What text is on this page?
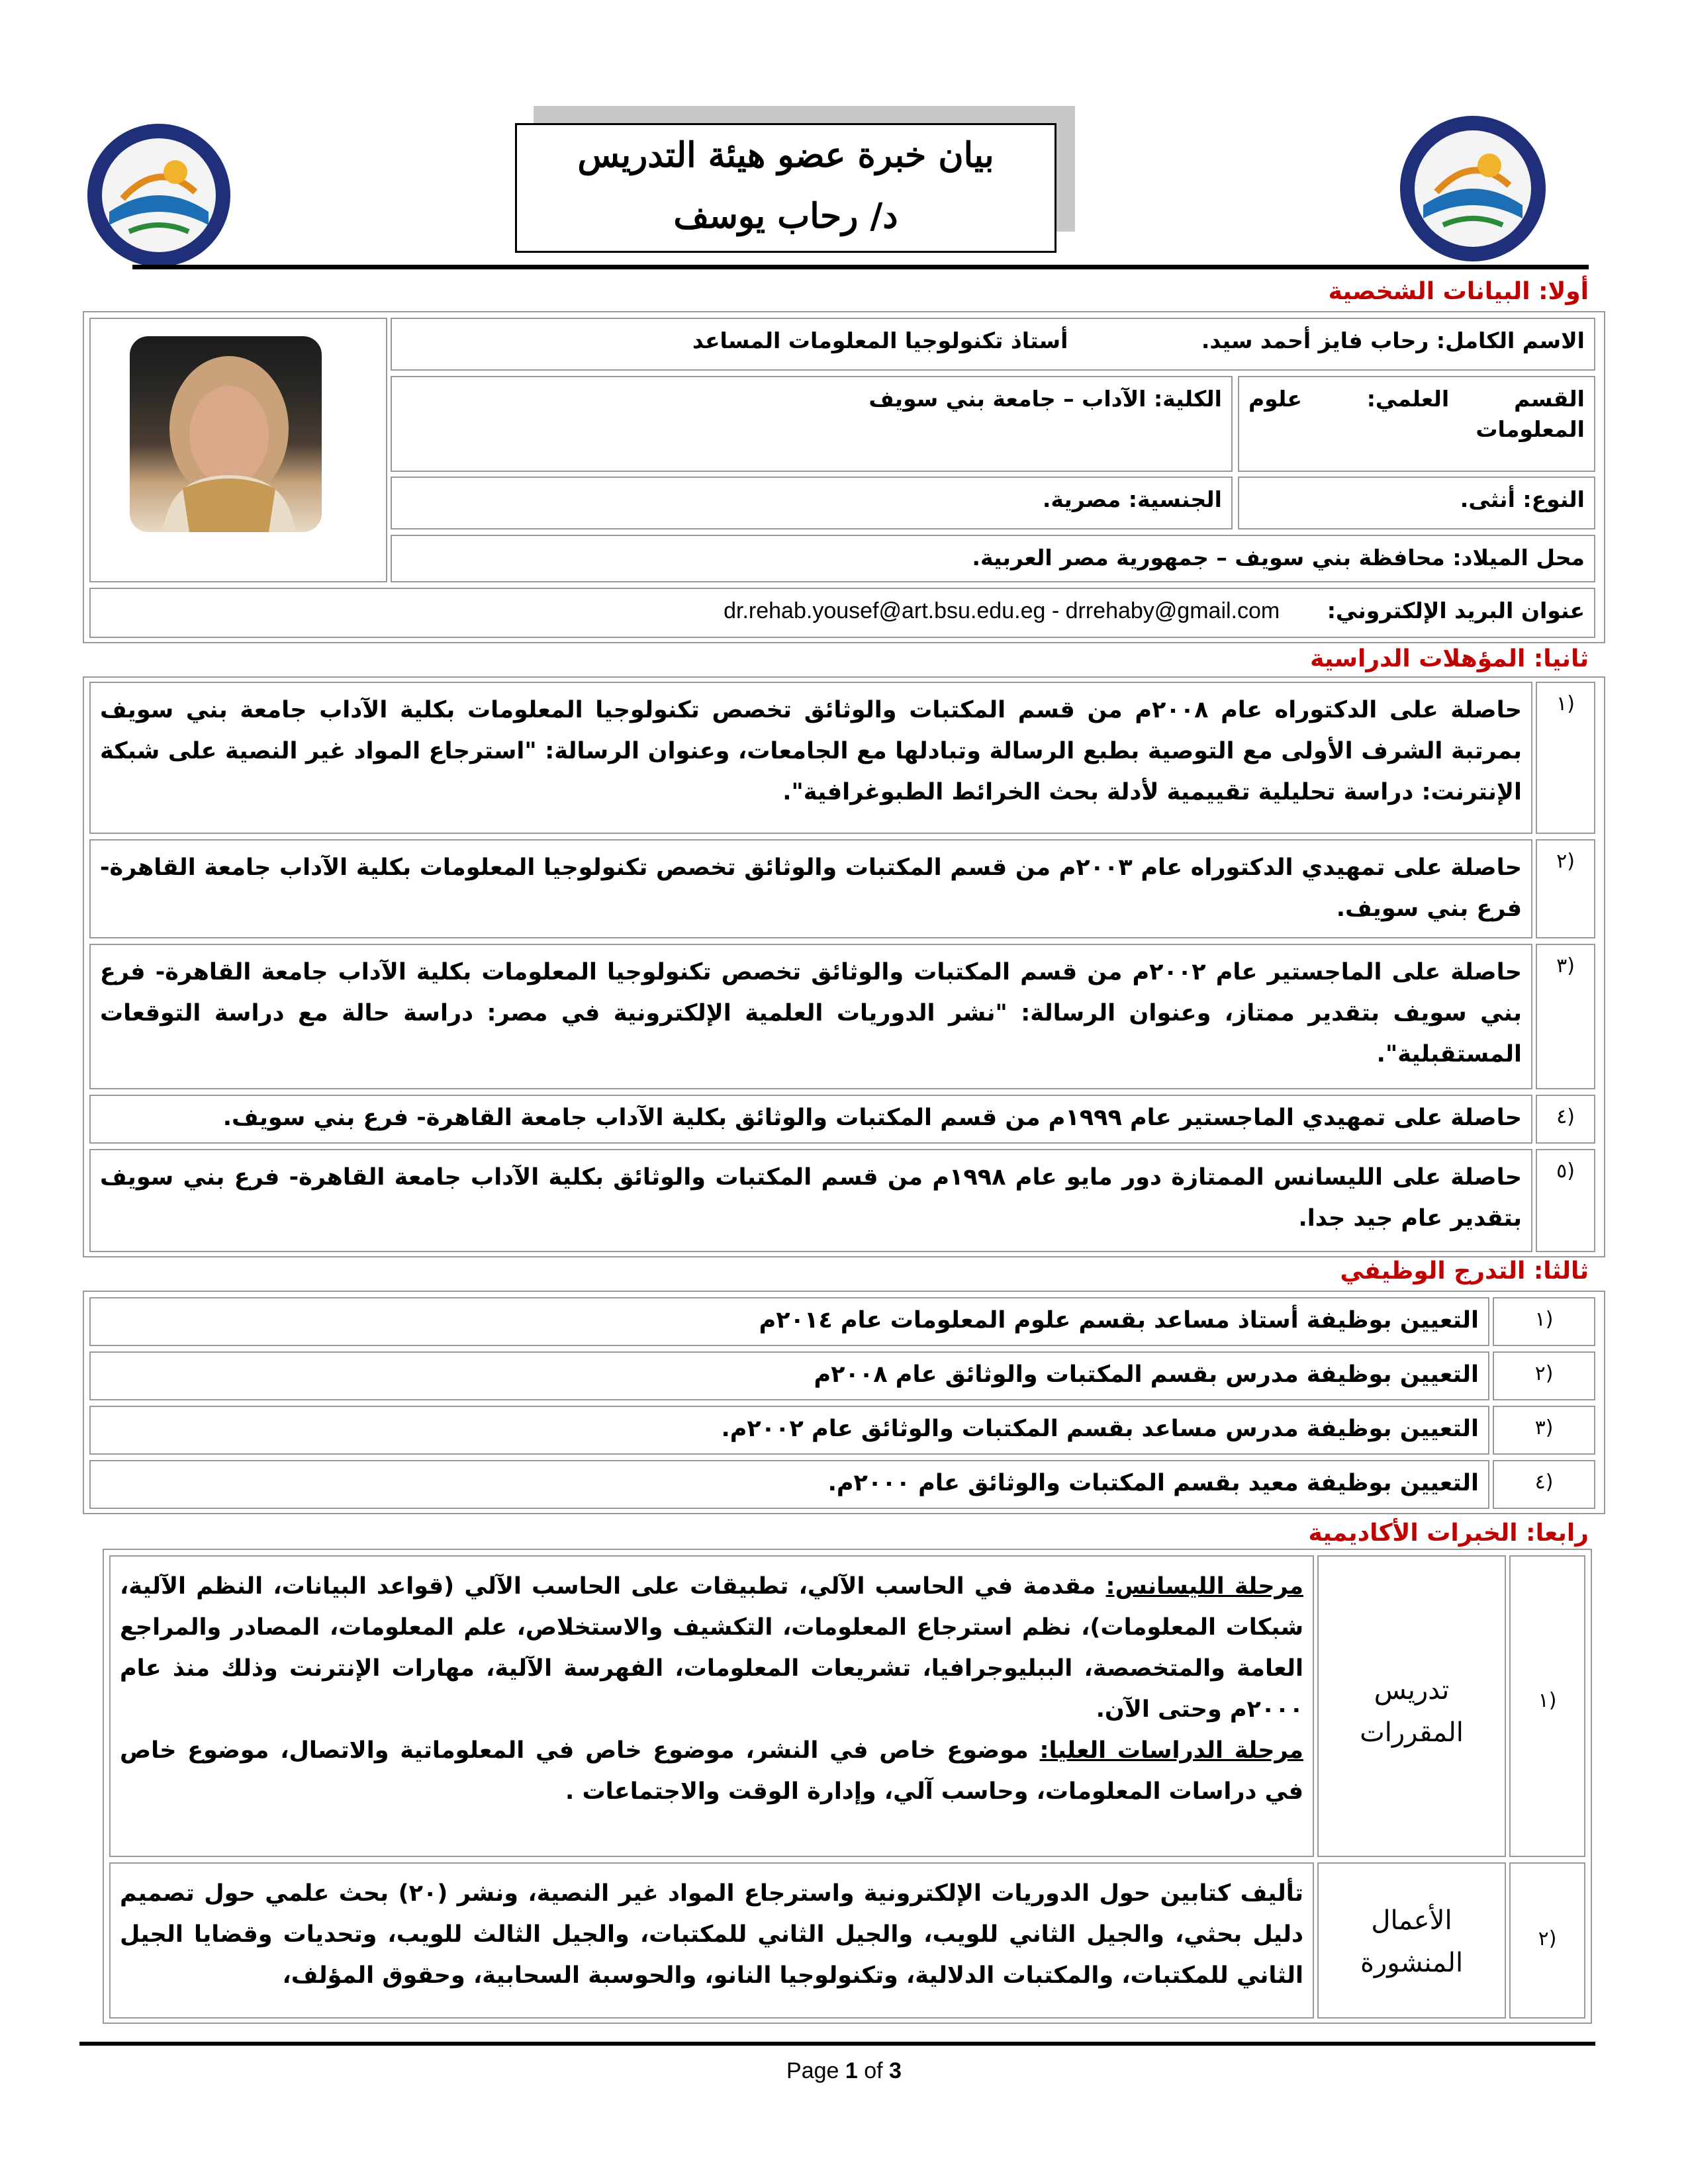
بيان خبرة عضو هيئة التدريس
د/ رحاب يوسف
أولا: البيانات الشخصية
الاسم الكامل: رحاب فايز أحمد سيد. أستاذ تكنولوجيا المعلومات المساعد
القسم العلمي: علوم المعلومات
الكلية: الآداب – جامعة بني سويف
النوع: أنثى.
الجنسية: مصرية.
محل الميلاد: محافظة بني سويف – جمهورية مصر العربية.
عنوان البريد الإلكتروني: dr.rehab.yousef@art.bsu.edu.eg - drrehaby@gmail.com
ثانيا: المؤهلات الدراسية
١)
حاصلة على الدكتوراه عام ٢٠٠٨م من قسم المكتبات والوثائق تخصص تكنولوجيا المعلومات بكلية الآداب جامعة بني سويف بمرتبة الشرف الأولى مع التوصية بطبع الرسالة وتبادلها مع الجامعات، وعنوان الرسالة: "استرجاع المواد غير النصية على شبكة الإنترنت: دراسة تحليلية تقييمية لأدلة بحث الخرائط الطبوغرافية".
٢)
حاصلة على تمهيدي الدكتوراه عام ٢٠٠٣م من قسم المكتبات والوثائق تخصص تكنولوجيا المعلومات بكلية الآداب جامعة القاهرة- فرع بني سويف.
٣)
حاصلة على الماجستير عام ٢٠٠٢م من قسم المكتبات والوثائق تخصص تكنولوجيا المعلومات بكلية الآداب جامعة القاهرة- فرع بني سويف بتقدير ممتاز، وعنوان الرسالة: "نشر الدوريات العلمية الإلكترونية في مصر: دراسة حالة مع دراسة التوقعات المستقبلية".
٤)
حاصلة على تمهيدي الماجستير عام ١٩٩٩م من قسم المكتبات والوثائق بكلية الآداب جامعة القاهرة- فرع بني سويف.
٥)
حاصلة على الليسانس الممتازة دور مايو عام ١٩٩٨م من قسم المكتبات والوثائق بكلية الآداب جامعة القاهرة- فرع بني سويف بتقدير عام جيد جدا.
ثالثا: التدرج الوظيفي
١)
التعيين بوظيفة أستاذ مساعد بقسم علوم المعلومات عام ٢٠١٤م
٢)
التعيين بوظيفة مدرس بقسم المكتبات والوثائق عام ٢٠٠٨م
٣)
التعيين بوظيفة مدرس مساعد بقسم المكتبات والوثائق عام ٢٠٠٢م.
٤)
التعيين بوظيفة معيد بقسم المكتبات والوثائق عام ٢٠٠٠م.
رابعا: الخبرات الأكاديمية
١)
تدريس المقررات
مرحلة الليسانس: مقدمة في الحاسب الآلي، تطبيقات على الحاسب الآلي (قواعد البيانات، النظم الآلية، شبكات المعلومات)، نظم استرجاع المعلومات، التكشيف والاستخلاص، علم المعلومات، المصادر والمراجع العامة والمتخصصة، الببليوجرافيا، تشريعات المعلومات، الفهرسة الآلية، مهارات الإنترنت وذلك منذ عام ٢٠٠٠م وحتى الآن.
مرحلة الدراسات العليا: موضوع خاص في النشر، موضوع خاص في المعلوماتية والاتصال، موضوع خاص في دراسات المعلومات، وحاسب آلي، وإدارة الوقت والاجتماعات .
٢)
الأعمال المنشورة
تأليف كتابين حول الدوريات الإلكترونية واسترجاع المواد غير النصية، ونشر (٢٠) بحث علمي حول تصميم دليل بحثي، والجيل الثاني للويب، والجيل الثاني للمكتبات، والجيل الثالث للويب، وتحديات وقضايا الجيل الثاني للمكتبات، والمكتبات الدلالية، وتكنولوجيا النانو، والحوسبة السحابية، وحقوق المؤلف،
Page 1 of 3
